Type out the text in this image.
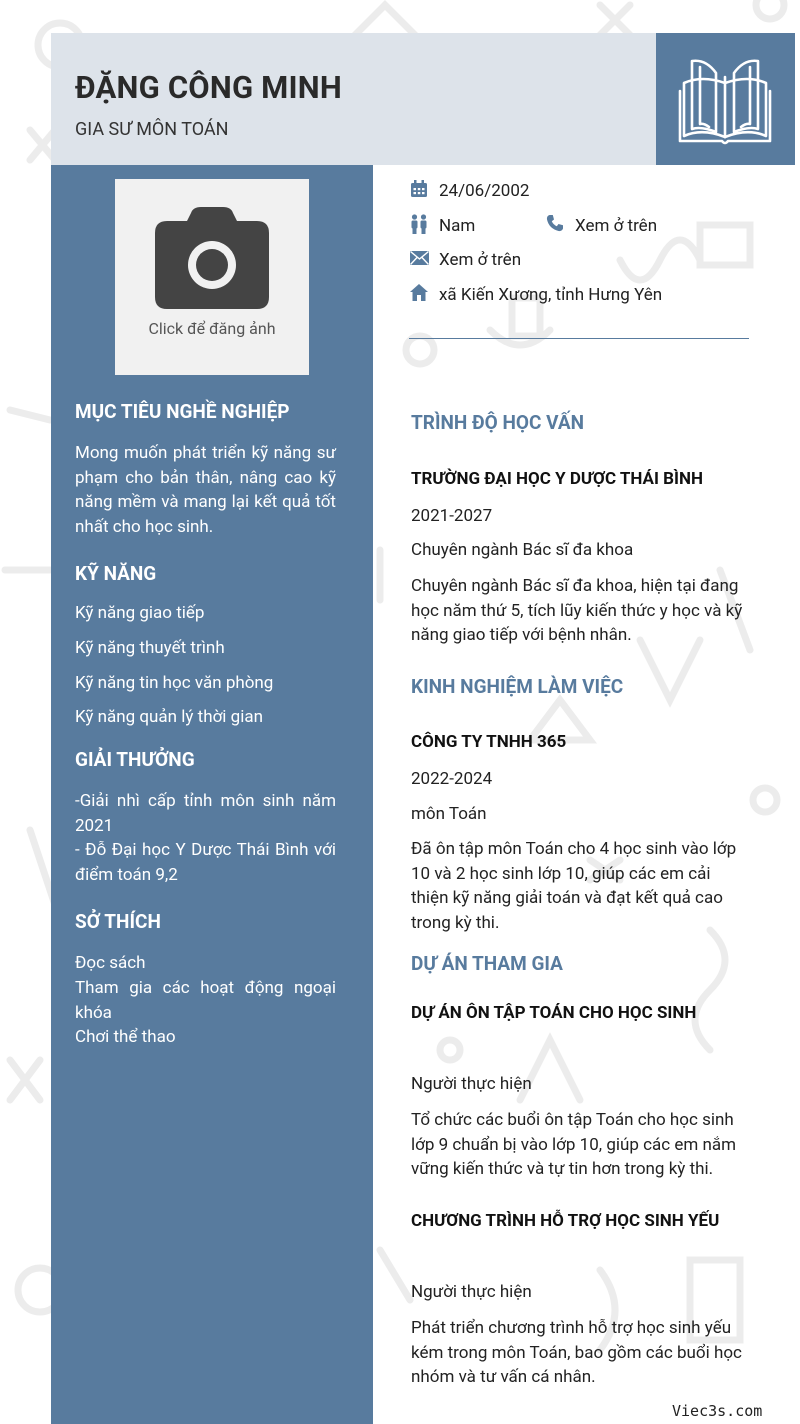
ĐẶNG CÔNG MINH
GIA SƯ MÔN TOÁN
Click để đăng ảnh
MỤC TIÊU NGHỀ NGHIỆP
Mong muốn phát triển kỹ năng sư phạm cho bản thân, nâng cao kỹ năng mềm và mang lại kết quả tốt nhất cho học sinh.
KỸ NĂNG
Kỹ năng giao tiếp
Kỹ năng thuyết trình
Kỹ năng tin học văn phòng
Kỹ năng quản lý thời gian
GIẢI THƯỞNG
-Giải nhì cấp tỉnh môn sinh năm 2021
- Đỗ Đại học Y Dược Thái Bình với điểm toán 9,2
SỞ THÍCH
Đọc sách
Tham gia các hoạt động ngoại khóa
Chơi thể thao
24/06/2002
Nam	Xem ở trên
Xem ở trên
xã Kiến Xương, tỉnh Hưng Yên
TRÌNH ĐỘ HỌC VẤN
TRƯỜNG ĐẠI HỌC Y DƯỢC THÁI BÌNH
2021-2027
Chuyên ngành Bác sĩ đa khoa
Chuyên ngành Bác sĩ đa khoa, hiện tại đang học năm thứ 5, tích lũy kiến thức y học và kỹ năng giao tiếp với bệnh nhân.
KINH NGHIỆM LÀM VIỆC
CÔNG TY TNHH 365
2022-2024
môn Toán
Đã ôn tập môn Toán cho 4 học sinh vào lớp 10 và 2 học sinh lớp 10, giúp các em cải thiện kỹ năng giải toán và đạt kết quả cao trong kỳ thi.
DỰ ÁN THAM GIA
DỰ ÁN ÔN TẬP TOÁN CHO HỌC SINH
Người thực hiện
Tổ chức các buổi ôn tập Toán cho học sinh lớp 9 chuẩn bị vào lớp 10, giúp các em nắm vững kiến thức và tự tin hơn trong kỳ thi.
CHƯƠNG TRÌNH HỖ TRỢ HỌC SINH YẾU
Người thực hiện
Phát triển chương trình hỗ trợ học sinh yếu kém trong môn Toán, bao gồm các buổi học nhóm và tư vấn cá nhân.
Viec3s.com
